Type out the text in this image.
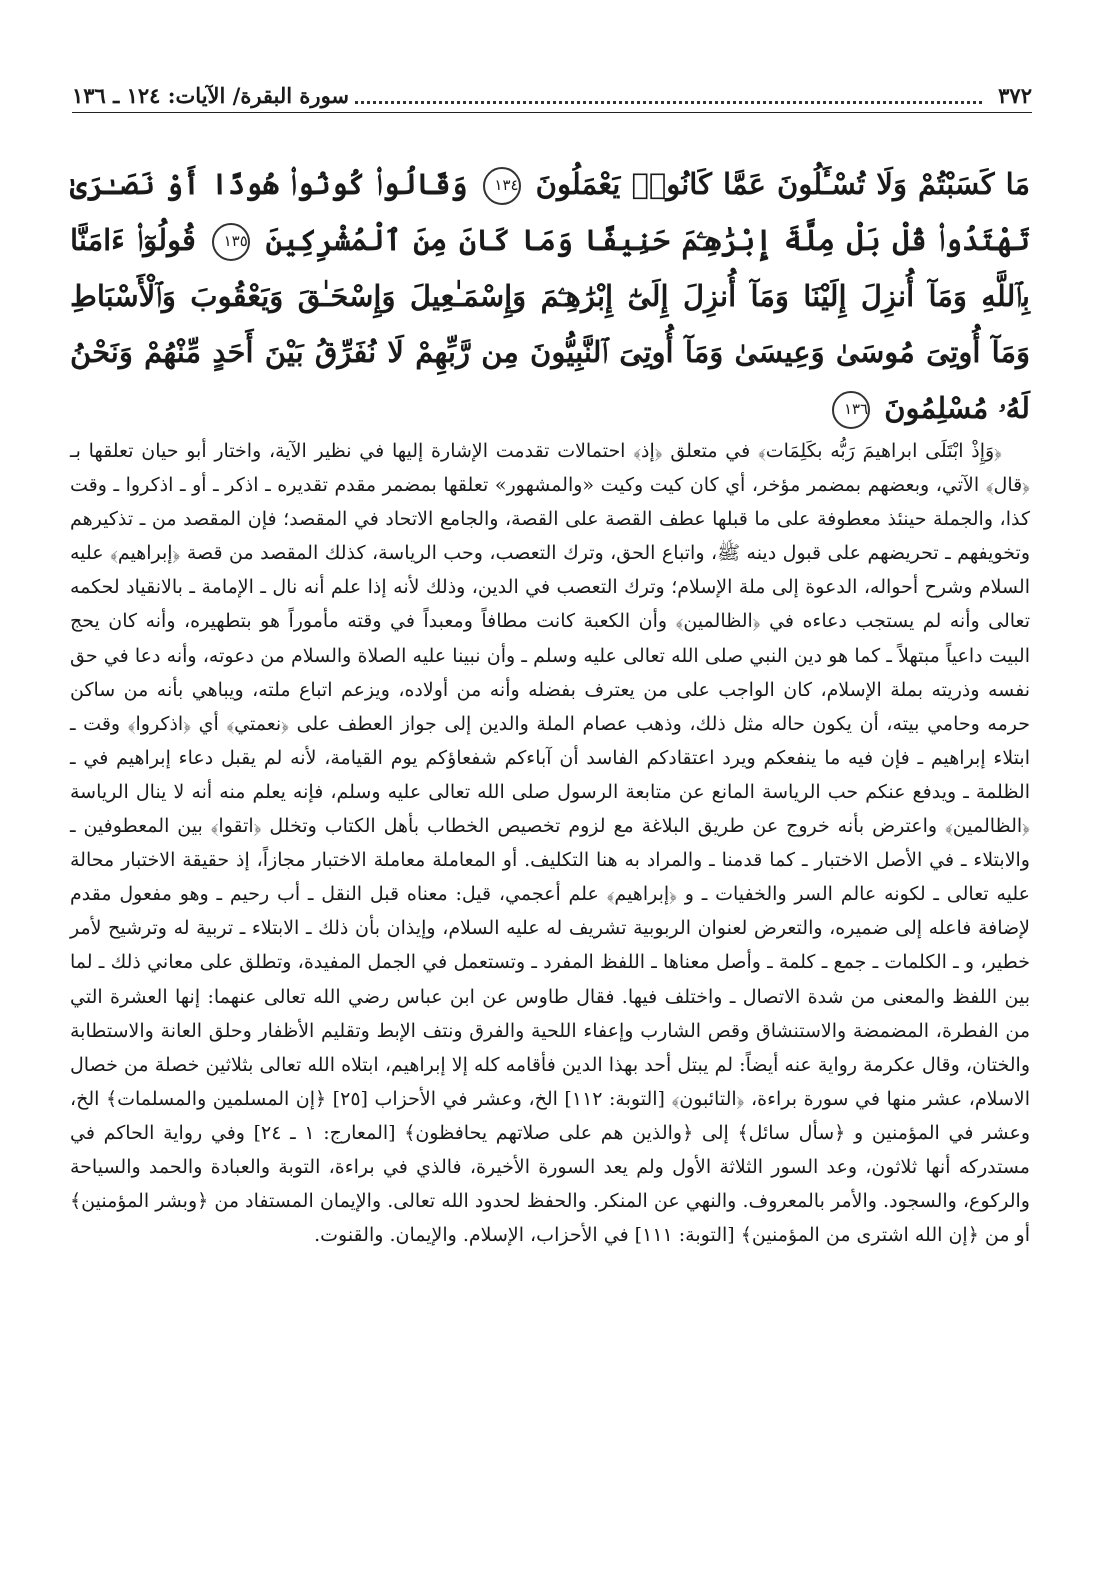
٣٧٢
سورة البقرة/ الآيات: ١٢٤ ـ ١٣٦
مَا كَسَبْتُمْ وَلَا تُسْـَٔلُونَ عَمَّا كَانُوا۟ يَعْمَلُونَ ١٣٤ وَقَالُوا۟ كُونُوا۟ هُودًا أَوْ نَصَـٰرَىٰ تَهْتَدُوا۟ قُلْ بَلْ مِلَّةَ إِبْرَٰهِـۧمَ حَنِيفًا وَمَا كَانَ مِنَ ٱلْمُشْرِكِينَ ١٣٥ قُولُوٓا۟ ءَامَنَّا بِٱللَّهِ وَمَآ أُنزِلَ إِلَيْنَا وَمَآ أُنزِلَ إِلَىٰٓ إِبْرَٰهِـۧمَ وَإِسْمَـٰعِيلَ وَإِسْحَـٰقَ وَيَعْقُوبَ وَٱلْأَسْبَاطِ وَمَآ أُوتِىَ مُوسَىٰ وَعِيسَىٰ وَمَآ أُوتِىَ ٱلنَّبِيُّونَ مِن رَّبِّهِمْ لَا نُفَرِّقُ بَيْنَ أَحَدٍ مِّنْهُمْ وَنَحْنُ لَهُۥ مُسْلِمُونَ ١٣٦

﴿وَإِذْ ابْتَلَى ابراهيمَ رَبُّه بكَلِمَات﴾ في متعلق ﴿إذ﴾ احتمالات تقدمت الإشارة إليها في نظير الآية، واختار أبو حيان تعلقها بـ ﴿قال﴾ الآتي، وبعضهم بمضمر مؤخر، أي كان كيت وكيت «والمشهور» تعلقها بمضمر مقدم تقديره ـ اذكر ـ أو ـ اذكروا ـ وقت كذا، والجملة حينئذ معطوفة على ما قبلها عطف القصة على القصة، والجامع الاتحاد في المقصد؛ فإن المقصد من ـ تذكيرهم وتخويفهم ـ تحريضهم على قبول دينه ﷺ، واتباع الحق، وترك التعصب، وحب الرياسة، كذلك المقصد من قصة ﴿إبراهيم﴾ عليه السلام وشرح أحواله، الدعوة إلى ملة الإسلام؛ وترك التعصب في الدين، وذلك لأنه إذا علم أنه نال ـ الإمامة ـ بالانقياد لحكمه تعالى وأنه لم يستجب دعاءه في ﴿الظالمين﴾ وأن الكعبة كانت مطافاً ومعبداً في وقته مأموراً هو بتطهيره، وأنه كان يحج البيت داعياً مبتهلاً ـ كما هو دين النبي صلى الله تعالى عليه وسلم ـ وأن نبينا عليه الصلاة والسلام من دعوته، وأنه دعا في حق نفسه وذريته بملة الإسلام، كان الواجب على من يعترف بفضله وأنه من أولاده، ويزعم اتباع ملته، ويباهي بأنه من ساكن حرمه وحامي بيته، أن يكون حاله مثل ذلك، وذهب عصام الملة والدين إلى جواز العطف على ﴿نعمتي﴾ أي ﴿اذكروا﴾ وقت ـ ابتلاء إبراهيم ـ فإن فيه ما ينفعكم ويرد اعتقادكم الفاسد أن آباءكم شفعاؤكم يوم القيامة، لأنه لم يقبل دعاء إبراهيم في ـ الظلمة ـ ويدفع عنكم حب الرياسة المانع عن متابعة الرسول صلى الله تعالى عليه وسلم، فإنه يعلم منه أنه لا ينال الرياسة ﴿الظالمين﴾ واعترض بأنه خروج عن طريق البلاغة مع لزوم تخصيص الخطاب بأهل الكتاب وتخلل ﴿اتقوا﴾ بين المعطوفين ـ والابتلاء ـ في الأصل الاختبار ـ كما قدمنا ـ والمراد به هنا التكليف. أو المعاملة معاملة الاختبار مجازاً، إذ حقيقة الاختبار محالة عليه تعالى ـ لكونه عالم السر والخفيات ـ و ﴿إبراهيم﴾ علم أعجمي، قيل: معناه قبل النقل ـ أب رحيم ـ وهو مفعول مقدم لإضافة فاعله إلى ضميره، والتعرض لعنوان الربوبية تشريف له عليه السلام، وإيذان بأن ذلك ـ الابتلاء ـ تربية له وترشيح لأمر خطير، و ـ الكلمات ـ جمع ـ كلمة ـ وأصل معناها ـ اللفظ المفرد ـ وتستعمل في الجمل المفيدة، وتطلق على معاني ذلك ـ لما بين اللفظ والمعنى من شدة الاتصال ـ واختلف فيها. فقال طاوس عن ابن عباس رضي الله تعالى عنهما: إنها العشرة التي من الفطرة، المضمضة والاستنشاق وقص الشارب وإعفاء اللحية والفرق ونتف الإبط وتقليم الأظفار وحلق العانة والاستطابة والختان، وقال عكرمة رواية عنه أيضاً: لم يبتل أحد بهذا الدين فأقامه كله إلا إبراهيم، ابتلاه الله تعالى بثلاثين خصلة من خصال الاسلام، عشر منها في سورة براءة، ﴿التائبون﴾ [التوبة: ١١٢] الخ، وعشر في الأحزاب [٢٥] ﴿إن المسلمين والمسلمات﴾ الخ، وعشر في المؤمنين و ﴿سأل سائل﴾ إلى ﴿والذين هم على صلاتهم يحافظون﴾ [المعارج: ١ ـ ٢٤] وفي رواية الحاكم في مستدركه أنها ثلاثون، وعد السور الثلاثة الأول ولم يعد السورة الأخيرة، فالذي في براءة، التوبة والعبادة والحمد والسياحة والركوع، والسجود. والأمر بالمعروف. والنهي عن المنكر. والحفظ لحدود الله تعالى. والإيمان المستفاد من ﴿وبشر المؤمنين﴾ أو من ﴿إن الله اشترى من المؤمنين﴾ [التوبة: ١١١] في الأحزاب، الإسلام. والإيمان. والقنوت.
